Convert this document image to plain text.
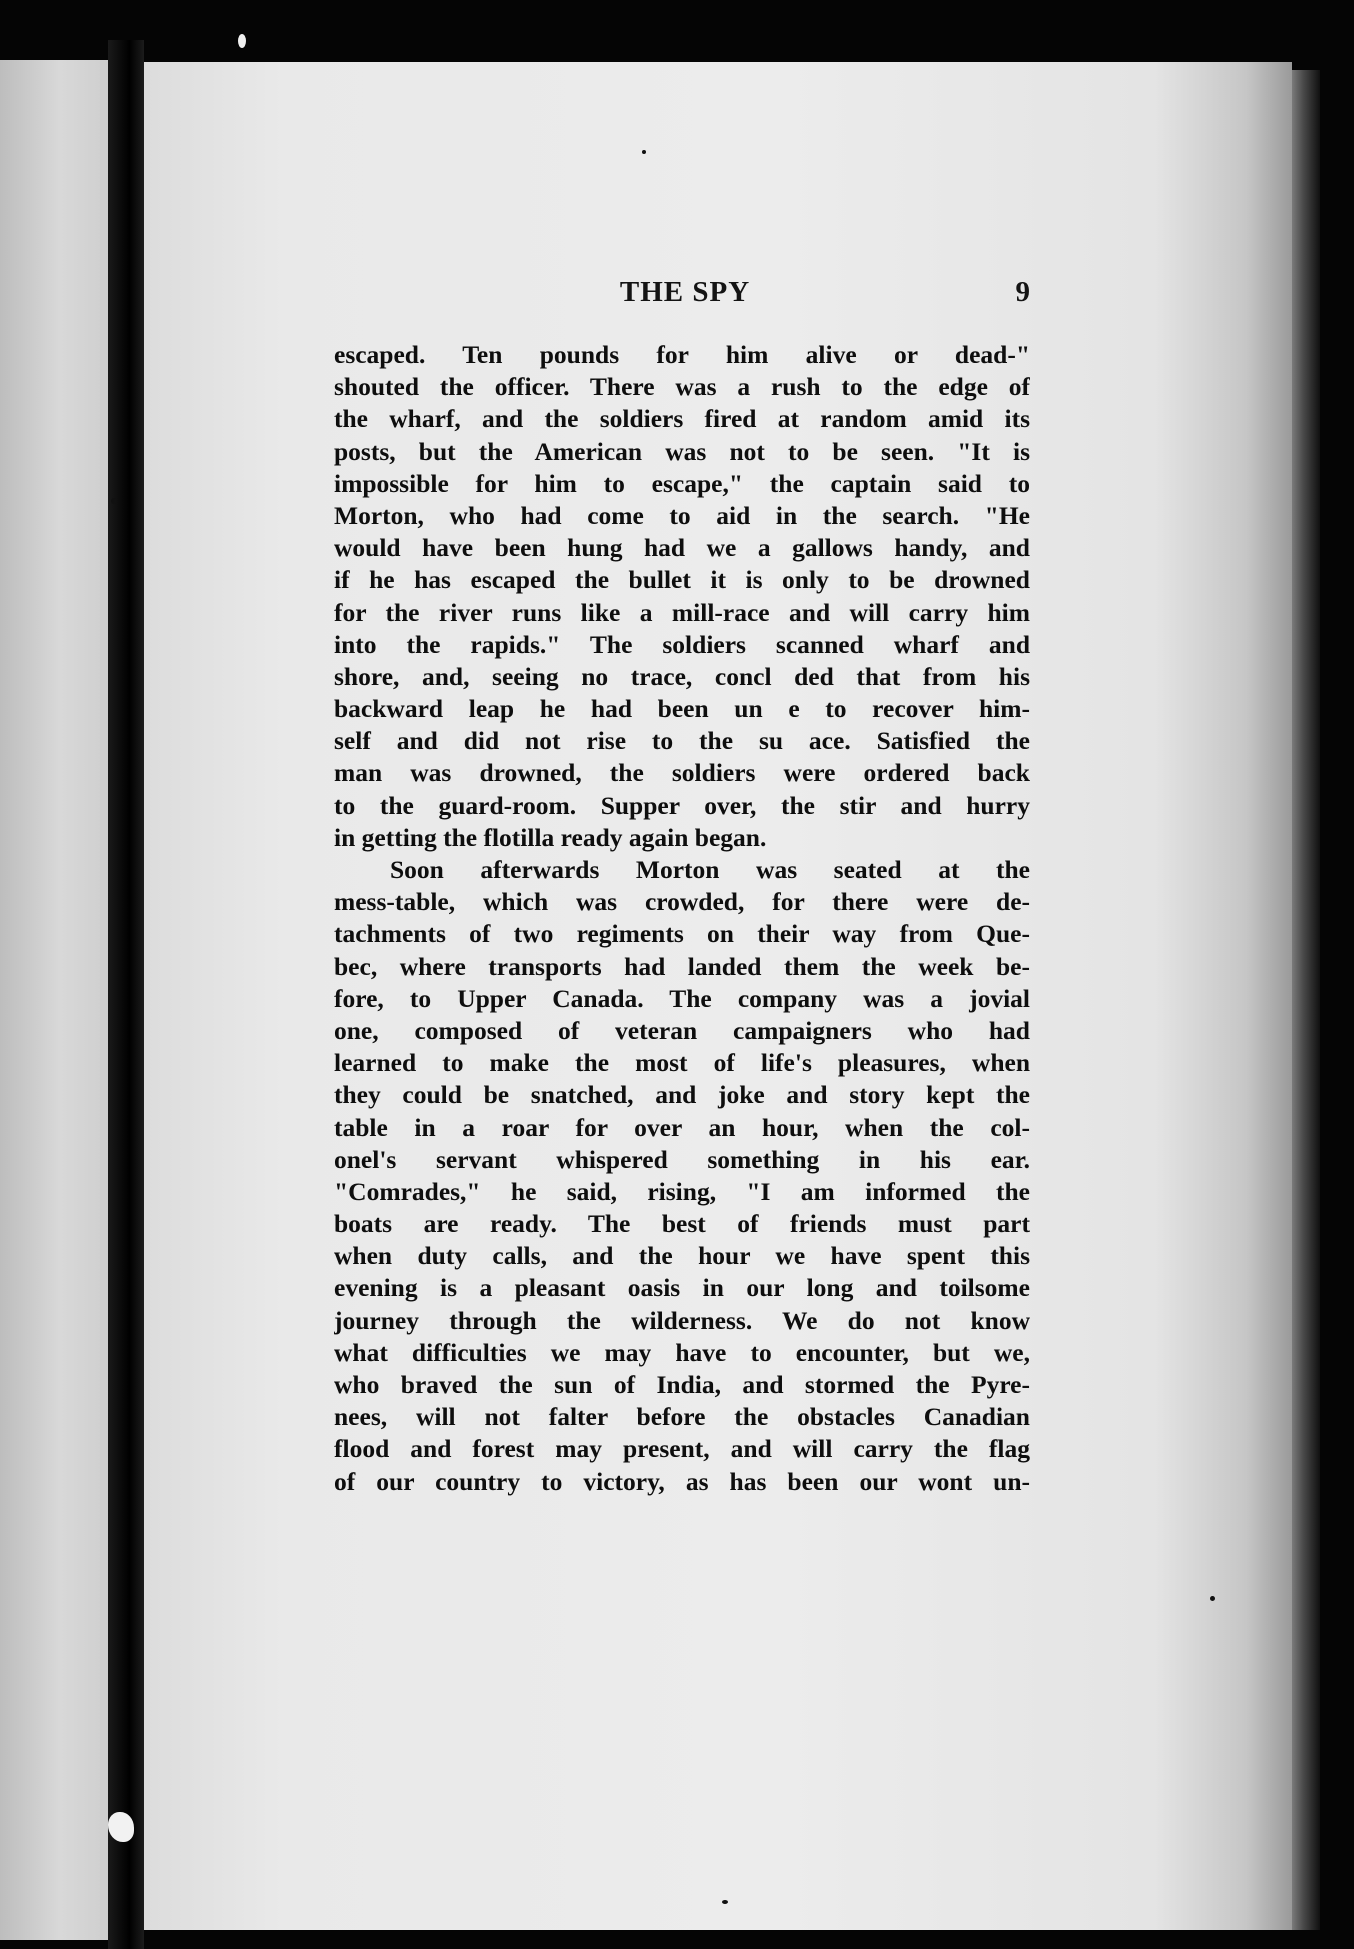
THE SPY	9
escaped. Ten pounds for him alive or dead-"
shouted the officer. There was a rush to the edge of
the wharf, and the soldiers fired at random amid its
posts, but the American was not to be seen. "It is
impossible for him to escape," the captain said to
Morton, who had come to aid in the search. "He
would have been hung had we a gallows handy, and
if he has escaped the bullet it is only to be drowned
for the river runs like a mill-race and will carry him
into the rapids." The soldiers scanned wharf and
shore, and, seeing no trace, concl ded that from his
backward leap he had been un e to recover him-
self and did not rise to the su ace. Satisfied the
man was drowned, the soldiers were ordered back
to the guard-room. Supper over, the stir and hurry
in getting the flotilla ready again began.
Soon afterwards Morton was seated at the
mess-table, which was crowded, for there were de-
tachments of two regiments on their way from Que-
bec, where transports had landed them the week be-
fore, to Upper Canada. The company was a jovial
one, composed of veteran campaigners who had
learned to make the most of life's pleasures, when
they could be snatched, and joke and story kept the
table in a roar for over an hour, when the col-
onel's servant whispered something in his ear.
"Comrades," he said, rising, "I am informed the
boats are ready. The best of friends must part
when duty calls, and the hour we have spent this
evening is a pleasant oasis in our long and toilsome
journey through the wilderness. We do not know
what difficulties we may have to encounter, but we,
who braved the sun of India, and stormed the Pyre-
nees, will not falter before the obstacles Canadian
flood and forest may present, and will carry the flag
of our country to victory, as has been our wont un-
